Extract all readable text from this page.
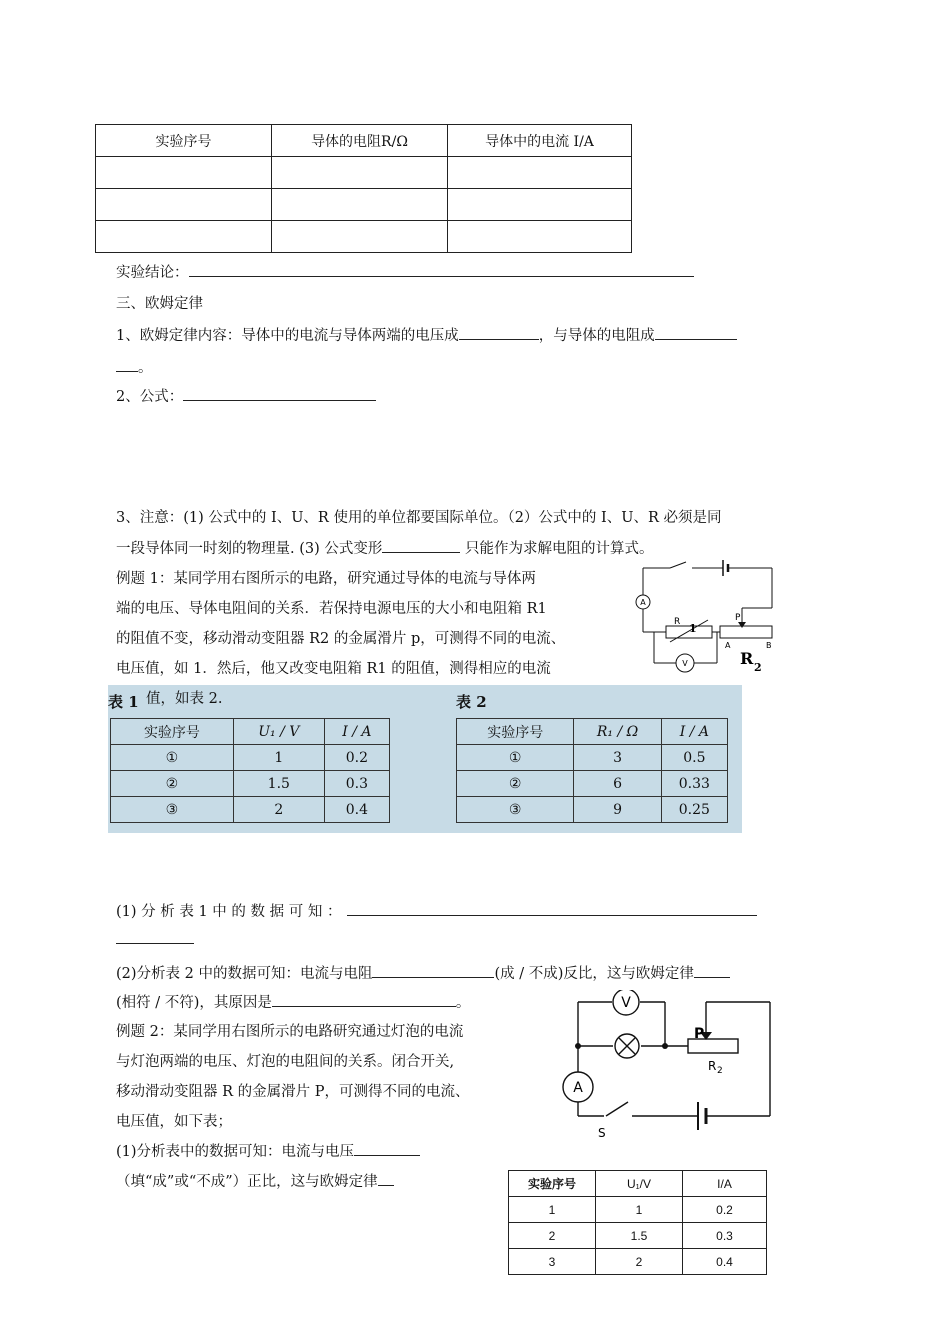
实验序号	导体的电阻R/Ω	导体中的电流 I/A

实验结论：
三、欧姆定律
1、欧姆定律内容：导体中的电流与导体两端的电压成	，与导体的电阻成
。
2、公式：
3、注意：(1) 公式中的 I、U、R 使用的单位都要国际单位。（2）公式中的 I、U、R 必须是同
一段导体同一时刻的物理量. (3) 公式变形	只能作为求解电阻的计算式。
例题 1：某同学用右图所示的电路，研究通过导体的电流与导体两
端的电压、导体电阻间的关系．若保持电源电压的大小和电阻箱 R1
的阻值不变，移动滑动变阻器 R2 的金属滑片 p，可测得不同的电流、
电压值，如 1．然后，他又改变电阻箱 R1 的阻值，测得相应的电流
A
V
R 1
P
A	B
R 2
值，如表 2.
表 1
实验序号	U₁ / V	I / A
①	1	0.2
②	1.5	0.3
③	2	0.4
表 2
实验序号	R₁ / Ω	I / A
①	3	0.5
②	6	0.33
③	9	0.25
(1) 分 析 表 1 中 的 数 据 可 知 ：
(2)分析表 2 中的数据可知：电流与电阻	(成 / 不成)反比，这与欧姆定律
(相符 / 不符)，其原因是	。
例题 2：某同学用右图所示的电路研究通过灯泡的电流
与灯泡两端的电压、灯泡的电阻间的关系。闭合开关,
移动滑动变阻器 R 的金属滑片 P，可测得不同的电流、
电压值，如下表；
(1)分析表中的数据可知：电流与电压
（填“成”或“不成”）正比，这与欧姆定律
V
A
P
R 2
S
实验序号	U₁/V	I/A
1	1	0.2
2	1.5	0.3
3	2	0.4
